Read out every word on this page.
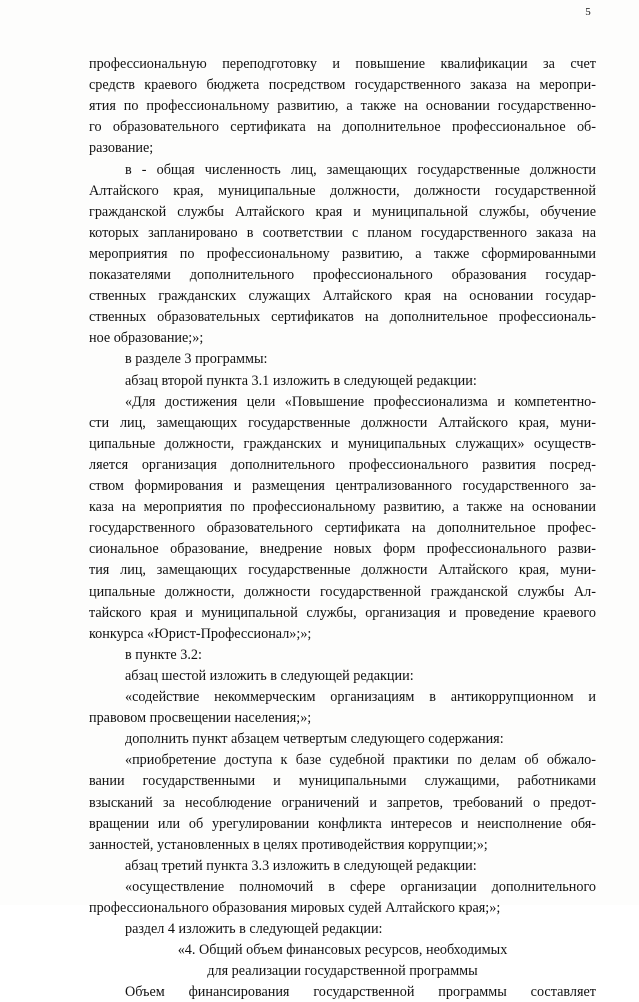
5
профессиональную переподготовку и повышение квалификации за счет
средств краевого бюджета посредством государственного заказа на меропри-
ятия по профессиональному развитию, а также на основании государственно-
го образовательного сертификата на дополнительное профессиональное об-
разование;
в - общая численность лиц, замещающих государственные должности
Алтайского края, муниципальные должности, должности государственной
гражданской службы Алтайского края и муниципальной службы, обучение
которых запланировано в соответствии с планом государственного заказа на
мероприятия по профессиональному развитию, а также сформированными
показателями дополнительного профессионального образования государ-
ственных гражданских служащих Алтайского края на основании государ-
ственных образовательных сертификатов на дополнительное профессиональ-
ное образование;»;
в разделе 3 программы:
абзац второй пункта 3.1 изложить в следующей редакции:
«Для достижения цели «Повышение профессионализма и компетентно-
сти лиц, замещающих государственные должности Алтайского края, муни-
ципальные должности, гражданских и муниципальных служащих» осуществ-
ляется организация дополнительного профессионального развития посред-
ством формирования и размещения централизованного государственного за-
каза на мероприятия по профессиональному развитию, а также на основании
государственного образовательного сертификата на дополнительное профес-
сиональное образование, внедрение новых форм профессионального разви-
тия лиц, замещающих государственные должности Алтайского края, муни-
ципальные должности, должности государственной гражданской службы Ал-
тайского края и муниципальной службы, организация и проведение краевого
конкурса «Юрист-Профессионал»;»;
в пункте 3.2:
абзац шестой изложить в следующей редакции:
«содействие некоммерческим организациям в антикоррупционном и
правовом просвещении населения;»;
дополнить пункт абзацем четвертым следующего содержания:
«приобретение доступа к базе судебной практики по делам об обжало-
вании государственными и муниципальными служащими, работниками
взысканий за несоблюдение ограничений и запретов, требований о предот-
вращении или об урегулировании конфликта интересов и неисполнение обя-
занностей, установленных в целях противодействия коррупции;»;
абзац третий пункта 3.3 изложить в следующей редакции:
«осуществление полномочий в сфере организации дополнительного
профессионального образования мировых судей Алтайского края;»;
раздел 4 изложить в следующей редакции:
«4. Общий объем финансовых ресурсов, необходимых
для реализации государственной программы
Объем финансирования государственной программы составляет
